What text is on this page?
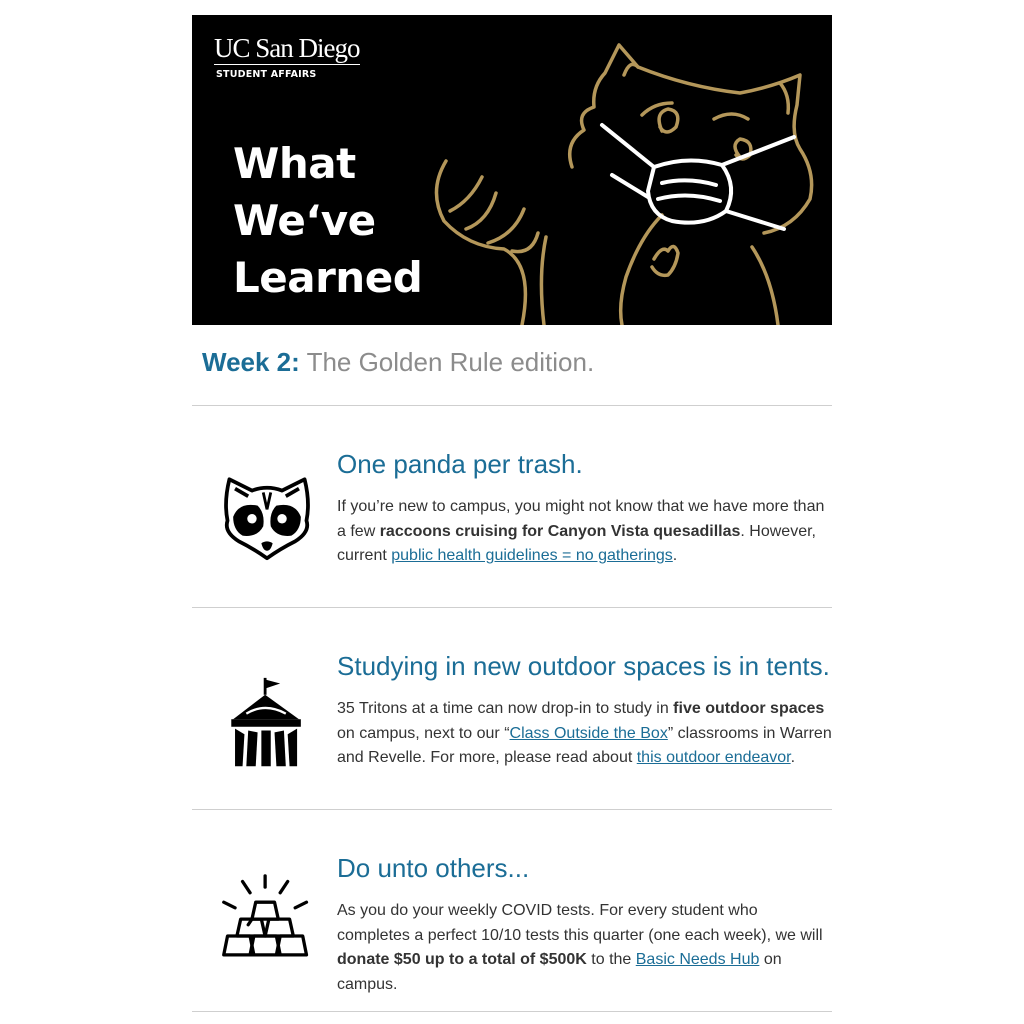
UC San Diego
STUDENT AFFAIRS
What
We‘ve
Learned
Week 2: The Golden Rule edition.
One panda per trash.

If you’re new to campus, you might not know that we have more than a few raccoons cruising for Canyon Vista quesadillas. However, current public health guidelines = no gatherings.

Studying in new outdoor spaces is in tents.

35 Tritons at a time can now drop-in to study in five outdoor spaces on campus, next to our “Class Outside the Box” classrooms in Warren and Revelle. For more, please read about this outdoor endeavor.

Do unto others...

As you do your weekly COVID tests. For every student who completes a perfect 10/10 tests this quarter (one each week), we will donate $50 up to a total of $500K to the Basic Needs Hub on campus.
